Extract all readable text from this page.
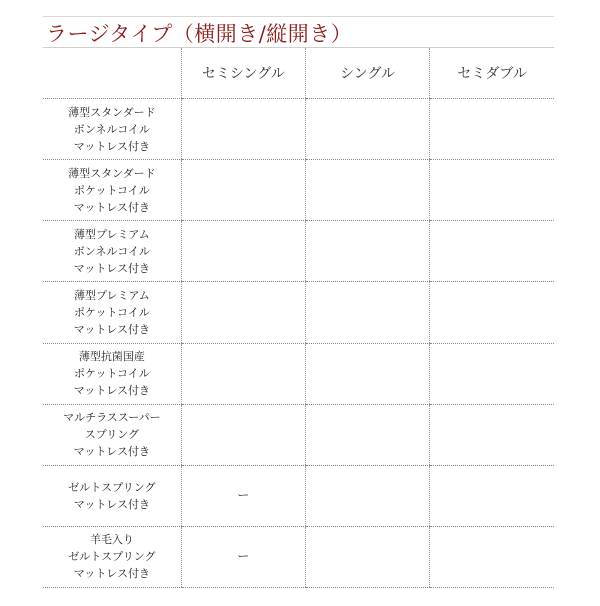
ラージタイプ（横開き/縦開き）
	セミシングル	シングル	セミダブル

薄型スタンダード
ボンネルコイル
マットレス付き			

薄型スタンダード
ポケットコイル
マットレス付き			

薄型プレミアム
ボンネルコイル
マットレス付き			

薄型プレミアム
ポケットコイル
マットレス付き			

薄型抗菌国産
ポケットコイル
マットレス付き			

マルチラススーパー
スプリング
マットレス付き			

ゼルトスプリング
マットレス付き	ー		

羊毛入り
ゼルトスプリング
マットレス付き	ー		
